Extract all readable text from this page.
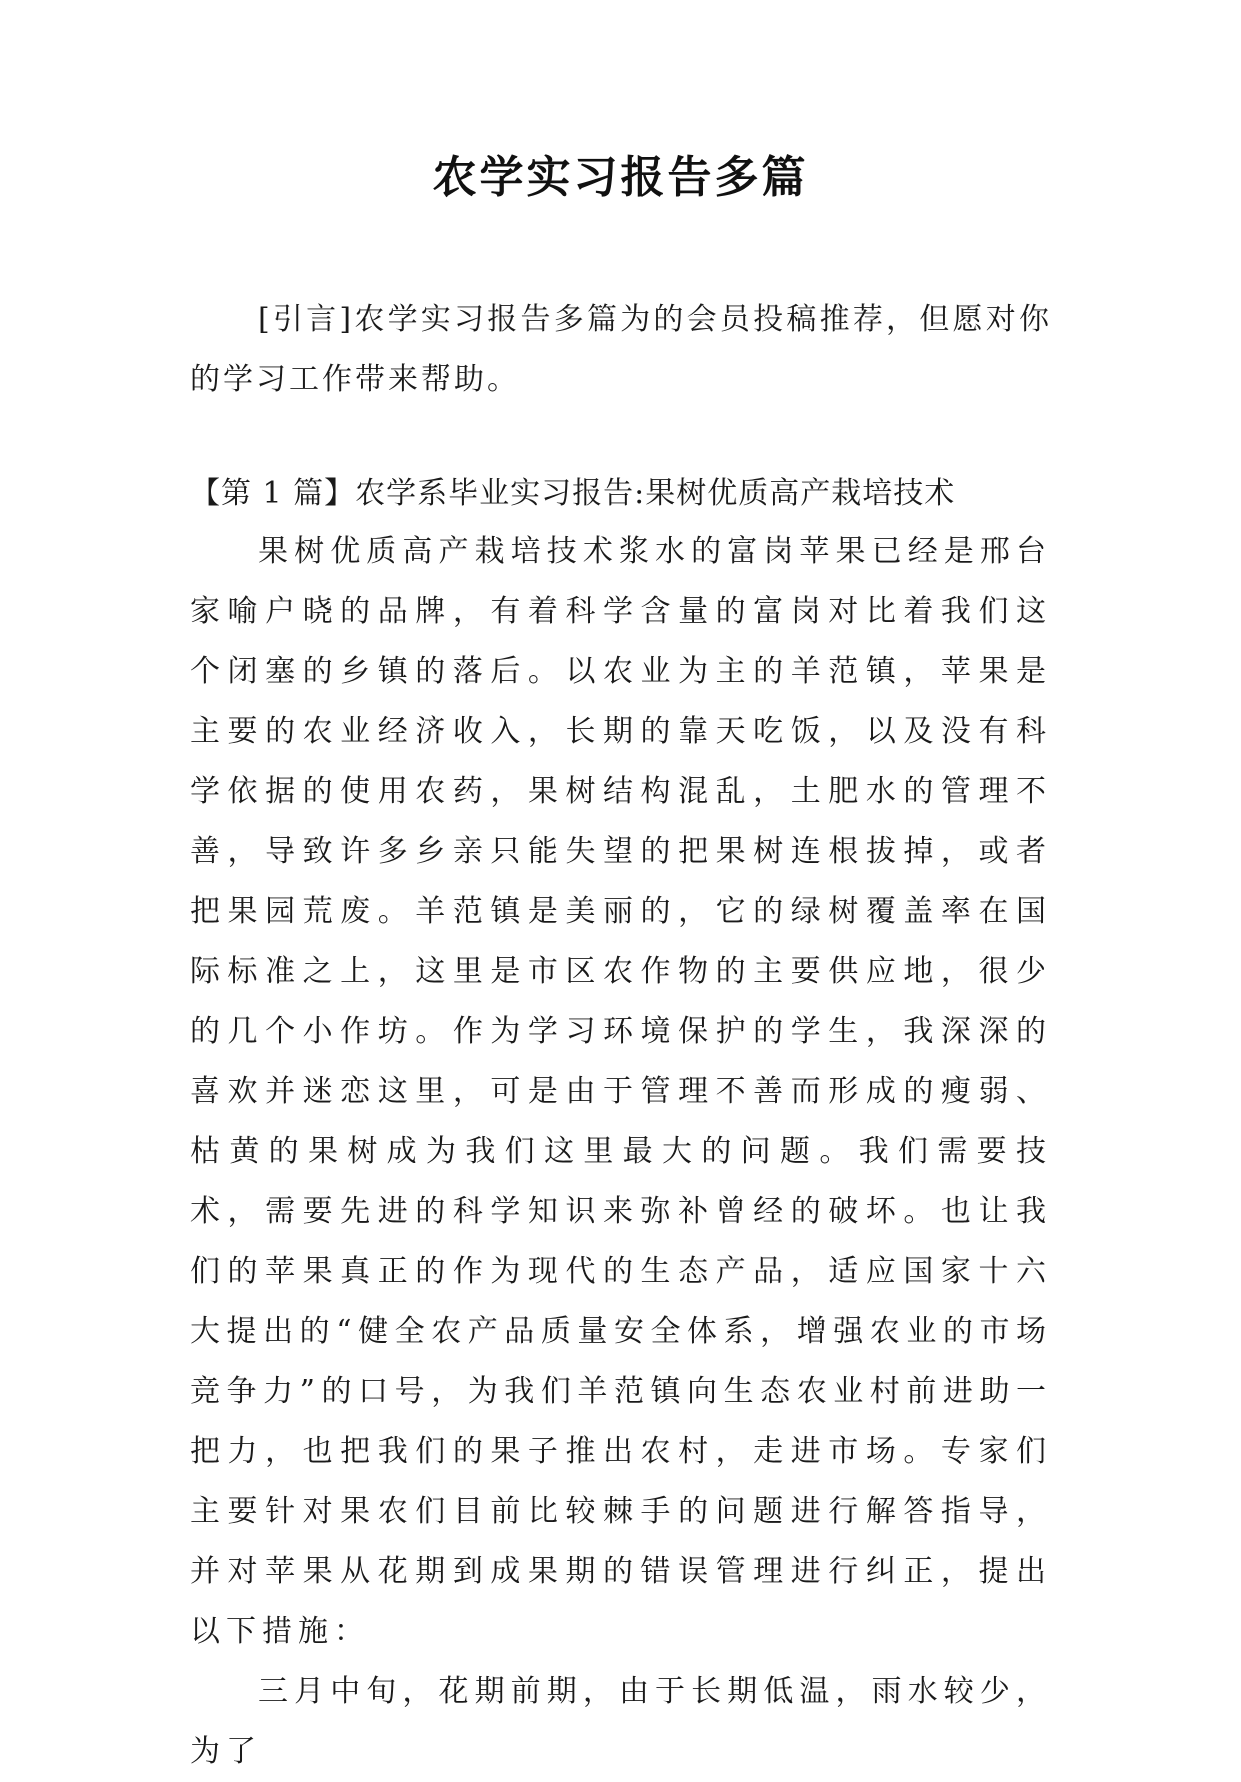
农学实习报告多篇
[引言]农学实习报告多篇为的会员投稿推荐，但愿对你的学习工作带来帮助。
【第 1 篇】农学系毕业实习报告:果树优质高产栽培技术

果树优质高产栽培技术浆水的富岗苹果已经是邢台家喻户晓的品牌，有着科学含量的富岗对比着我们这个闭塞的乡镇的落后。以农业为主的羊范镇，苹果是主要的农业经济收入，长期的靠天吃饭，以及没有科学依据的使用农药，果树结构混乱，土肥水的管理不善，导致许多乡亲只能失望的把果树连根拔掉，或者把果园荒废。羊范镇是美丽的，它的绿树覆盖率在国际标准之上，这里是市区农作物的主要供应地，很少的几个小作坊。作为学习环境保护的学生，我深深的喜欢并迷恋这里，可是由于管理不善而形成的瘦弱、枯黄的果树成为我们这里最大的问题。我们需要技术，需要先进的科学知识来弥补曾经的破坏。也让我们的苹果真正的作为现代的生态产品，适应国家十六大提出的“健全农产品质量安全体系，增强农业的市场竞争力”的口号，为我们羊范镇向生态农业村前进助一把力，也把我们的果子推出农村，走进市场。专家们主要针对果农们目前比较棘手的问题进行解答指导，并对苹果从花期到成果期的错误管理进行纠正，提出以下措施：

三月中旬，花期前期，由于长期低温，雨水较少，为了
